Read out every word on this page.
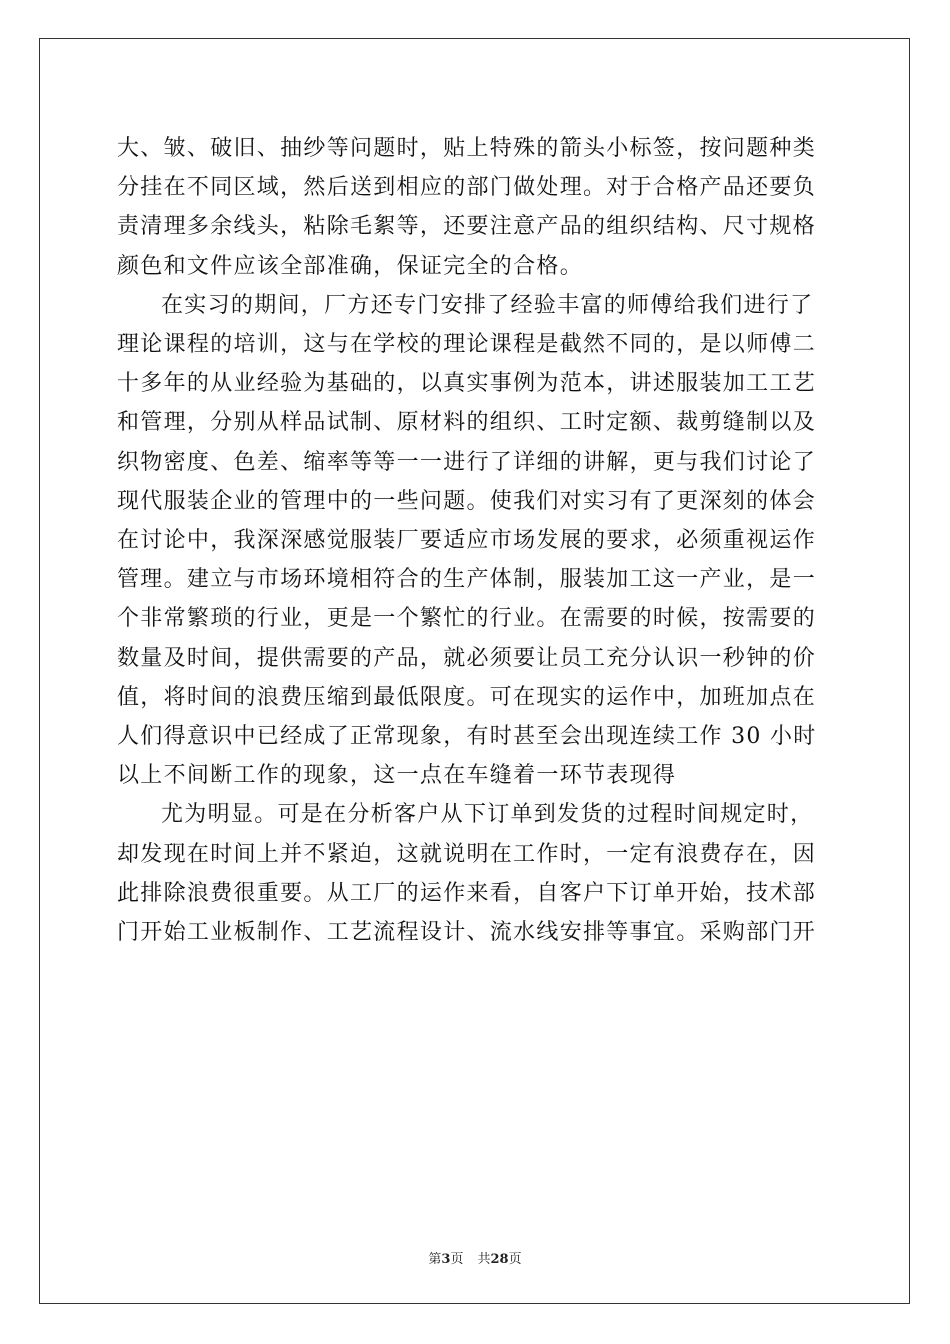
大、皱、破旧、抽纱等问题时，贴上特殊的箭头小标签，按问题种类
分挂在不同区域，然后送到相应的部门做处理。对于合格产品还要负
责清理多余线头，粘除毛絮等，还要注意产品的组织结构、尺寸规格
颜色和文件应该全部准确，保证完全的合格。

在实习的期间，厂方还专门安排了经验丰富的师傅给我们进行了
理论课程的培训，这与在学校的理论课程是截然不同的，是以师傅二
十多年的从业经验为基础的，以真实事例为范本，讲述服装加工工艺
和管理，分别从样品试制、原材料的组织、工时定额、裁剪缝制以及
织物密度、色差、缩率等等一一进行了详细的讲解，更与我们讨论了
现代服装企业的管理中的一些问题。使我们对实习有了更深刻的体会
在讨论中，我深深感觉服装厂要适应市场发展的要求，必须重视运作
管理。建立与市场环境相符合的生产体制，服装加工这一产业，是一
个非常繁琐的行业，更是一个繁忙的行业。在需要的时候，按需要的
数量及时间，提供需要的产品，就必须要让员工充分认识一秒钟的价
值，将时间的浪费压缩到最低限度。可在现实的运作中，加班加点在
人们得意识中已经成了正常现象，有时甚至会出现连续工作 30 小时
以上不间断工作的现象，这一点在车缝着一环节表现得

尤为明显。可是在分析客户从下订单到发货的过程时间规定时，
却发现在时间上并不紧迫，这就说明在工作时，一定有浪费存在，因
此排除浪费很重要。从工厂的运作来看，自客户下订单开始，技术部
门开始工业板制作、工艺流程设计、流水线安排等事宜。采购部门开

第3页 共28页
